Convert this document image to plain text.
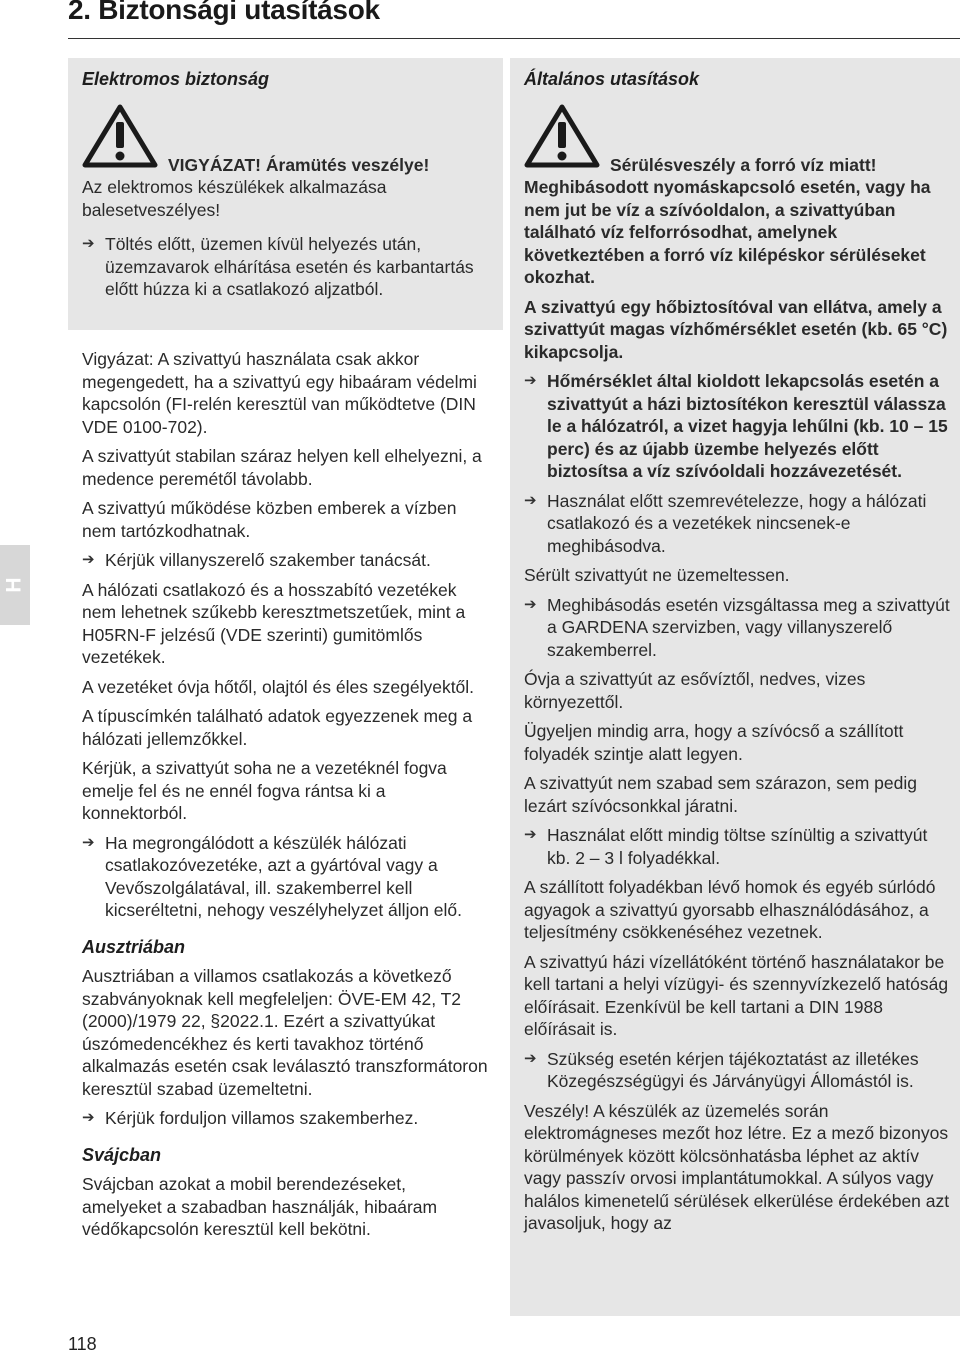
2. Biztonsági utasítások
H
Elektromos biztonság
VIGYÁZAT! Áramütés veszélye!

Az elektromos készülékek alkalmazása balesetveszélyes!

➔ Töltés előtt, üzemen kívül helyezés után, üzemzavarok elhárítása esetén és karbantartás előtt húzza ki a csatlakozó aljzatból.

Vigyázat: A szivattyú használata csak akkor megengedett, ha a szivattyú egy hibaáram védelmi kapcsolón (FI-relén keresztül van működtetve (DIN VDE 0100-702).

A szivattyút stabilan száraz helyen kell elhelyezni, a medence peremétől távolabb.

A szivattyú működése közben emberek a vízben nem tartózkodhatnak.

➔ Kérjük villanyszerelő szakember tanácsát.

A hálózati csatlakozó és a hosszabító vezetékek nem lehetnek szűkebb keresztmetszetűek, mint a H05RN-F jelzésű (VDE szerinti) gumitömlős vezetékek.

A vezetéket óvja hőtől, olajtól és éles szegélyektől.

A típuscímkén található adatok egyezzenek meg a hálózati jellemzőkkel.

Kérjük, a szivattyút soha ne a vezetéknél fogva emelje fel és ne ennél fogva rántsa ki a konnektorból.

➔ Ha megrongálódott a készülék hálózati csatlakozóvezetéke, azt a gyártóval vagy a Vevőszolgálatával, ill. szakemberrel kell kicseréltetni, nehogy veszélyhelyzet álljon elő.
Ausztriában

Ausztriában a villamos csatlakozás a következő szabványoknak kell megfeleljen: ÖVE-EM 42, T2 (2000)/1979 22, §2022.1. Ezért a szivattyúkat úszómedencékhez és kerti tavakhoz történő alkalmazás esetén csak leválasztó transzformátoron keresztül szabad üzemeltetni.

➔ Kérjük forduljon villamos szakemberhez.
Svájcban

Svájcban azokat a mobil berendezéseket, amelyeket a szabadban használják, hibaáram védőkapcsolón keresztül kell bekötni.

Általános utasítások
Sérülésveszély a forró víz miatt!

Meghibásodott nyomáskapcsoló esetén, vagy ha nem jut be víz a szívóoldalon, a szivattyúban található víz felforrósodhat, amelynek következtében a forró víz kilépéskor sérüléseket okozhat.

A szivattyú egy hőbiztosítóval van ellátva, amely a szivattyút magas vízhőmérséklet esetén (kb. 65 °C) kikapcsolja.

➔ Hőmérséklet által kioldott lekapcsolás esetén a szivattyút a házi biztosítékon keresztül válassza le a hálózatról, a vizet hagyja lehűlni (kb. 10 – 15 perc) és az újabb üzembe helyezés előtt biztosítsa a víz szívóoldali hozzávezetését.
➔ Használat előtt szemrevételezze, hogy a hálózati csatlakozó és a vezetékek nincsenek-e meghibásodva.

Sérült szivattyút ne üzemeltessen.

➔ Meghibásodás esetén vizsgáltassa meg a szivattyút a GARDENA szervizben, vagy villanyszerelő szakemberrel.

Óvja a szivattyút az esővíztől, nedves, vizes környezettől.

Ügyeljen mindig arra, hogy a szívócső a szállított folyadék szintje alatt legyen.

A szivattyút nem szabad sem szárazon, sem pedig lezárt szívócsonkkal járatni.

➔ Használat előtt mindig töltse színültig a szivattyút kb. 2 – 3 l folyadékkal.

A szállított folyadékban lévő homok és egyéb súrlódó agyagok a szivattyú gyorsabb elhasználódásához, a teljesítmény csökkenéséhez vezetnek.

A szivattyú házi vízellátóként történő használatakor be kell tartani a helyi vízügyi- és szennyvízkezelő hatóság előírásait. Ezenkívül be kell tartani a DIN 1988 előírásait is.

➔ Szükség esetén kérjen tájékoztatást az illetékes Közegészségügyi és Járványügyi Állomástól is.

Veszély! A készülék az üzemelés során elektromágneses mezőt hoz létre. Ez a mező bizonyos körülmények között kölcsönhatásba léphet az aktív vagy passzív orvosi implantátumokkal. A súlyos vagy halálos kimenetelű sérülések elkerülése érdekében azt javasoljuk, hogy az

118
